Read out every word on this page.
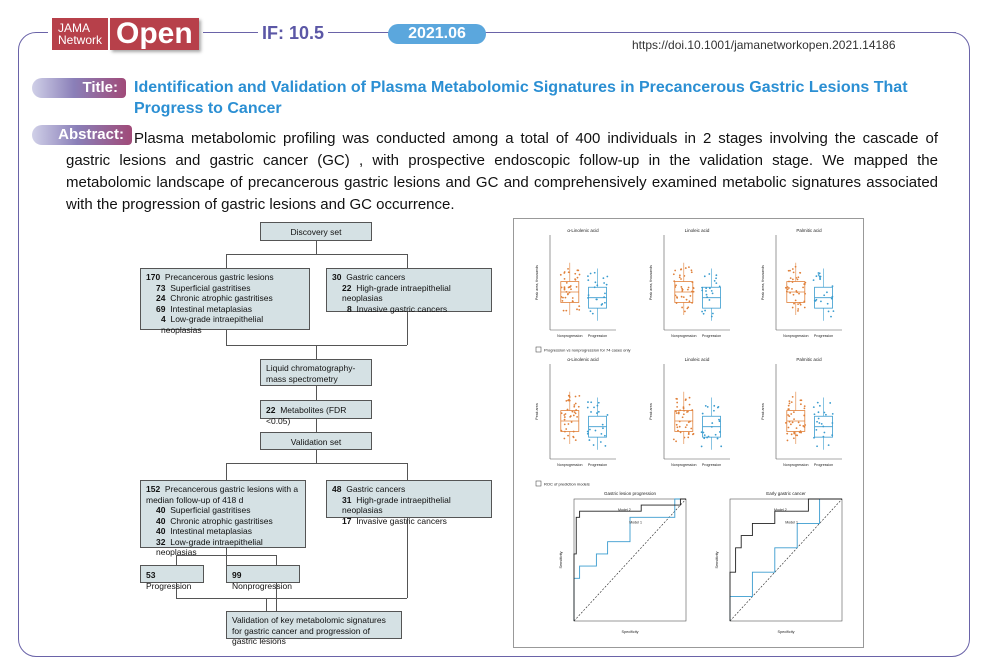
JAMA
Network Open	IF: 10.5	2021.06
https://doi.10.1001/jamanetworkopen.2021.14186
Title:	Identification and Validation of Plasma Metabolomic Signatures in Precancerous Gastric Lesions That Progress to Cancer
Abstract: Plasma metabolomic profiling was conducted among a total of 400 individuals in 2 stages involving the cascade of gastric lesions and gastric cancer (GC) , with prospective endoscopic follow-up in the validation stage. We mapped the metabolomic landscape of precancerous gastric lesions and GC and comprehensively examined metabolic signatures associated with the progression of gastric lesions and GC occurrence.
Discovery set
170 Precancerous gastric lesions
73 Superficial gastritises
24 Chronic atrophic gastritises
69 Intestinal metaplasias
4 Low-grade intraepithelial neoplasias
30 Gastric cancers
22 High-grade intraepithelial neoplasias
8 Invasive gastric cancers
Liquid chromatography-mass spectrometry
22 Metabolites (FDR <0.05)
Validation set
152 Precancerous gastric lesions with a median follow-up of 418 d
40 Superficial gastritises
40 Chronic atrophic gastritises
40 Intestinal metaplasias
32 Low-grade intraepithelial neoplasias
48 Gastric cancers
31 High-grade intraepithelial neoplasias
17 Invasive gastric cancers
53  Progression
99  Nonprogression
Validation of key metabolomic signatures for gastric cancer and progression of gastric lesions
α-Linolenic acid
Peak area, thousands
Nonprogression Progression
Linoleic acid
Peak area, thousands
Nonprogression Progression
Palmitic acid
Peak area, thousands
Nonprogression Progression
Progression vs nonprogression for 74 cases only
α-Linolenic acid
Peak area
Nonprogression Progression
Linoleic acid
Peak area
Nonprogression Progression
Palmitic acid
Peak area
Nonprogression Progression
ROC of prediction models
Gastric lesion progression
Model 1
Model 2
Specificity
Sensitivity
Early gastric cancer
Model 1
Model 2
Specificity
Sensitivity
